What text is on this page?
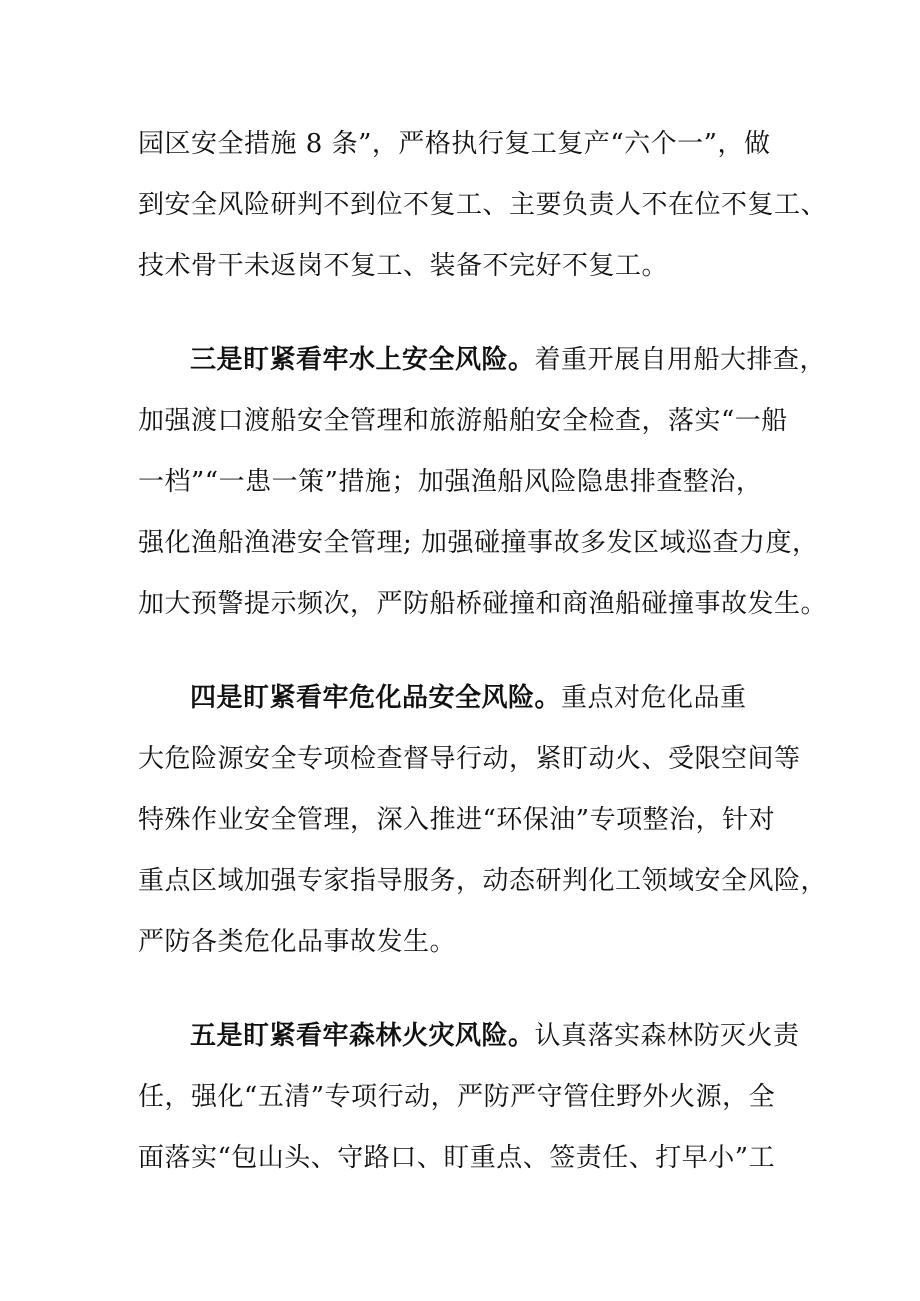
园区安全措施 8 条”，严格执行复工复产“六个一”，做
到安全风险研判不到位不复工、主要负责人不在位不复工、
技术骨干未返岗不复工、装备不完好不复工。
三是盯紧看牢水上安全风险。着重开展自用船大排查，
加强渡口渡船安全管理和旅游船舶安全检查，落实“一船
一档”“一患一策”措施；加强渔船风险隐患排查整治，
强化渔船渔港安全管理; 加强碰撞事故多发区域巡查力度，
加大预警提示频次，严防船桥碰撞和商渔船碰撞事故发生。
四是盯紧看牢危化品安全风险。重点对危化品重
大危险源安全专项检查督导行动，紧盯动火、受限空间等
特殊作业安全管理，深入推进“环保油”专项整治，针对
重点区域加强专家指导服务，动态研判化工领域安全风险，
严防各类危化品事故发生。
五是盯紧看牢森林火灾风险。认真落实森林防灭火责
任，强化“五清”专项行动，严防严守管住野外火源，全
面落实“包山头、守路口、盯重点、签责任、打早小”工
